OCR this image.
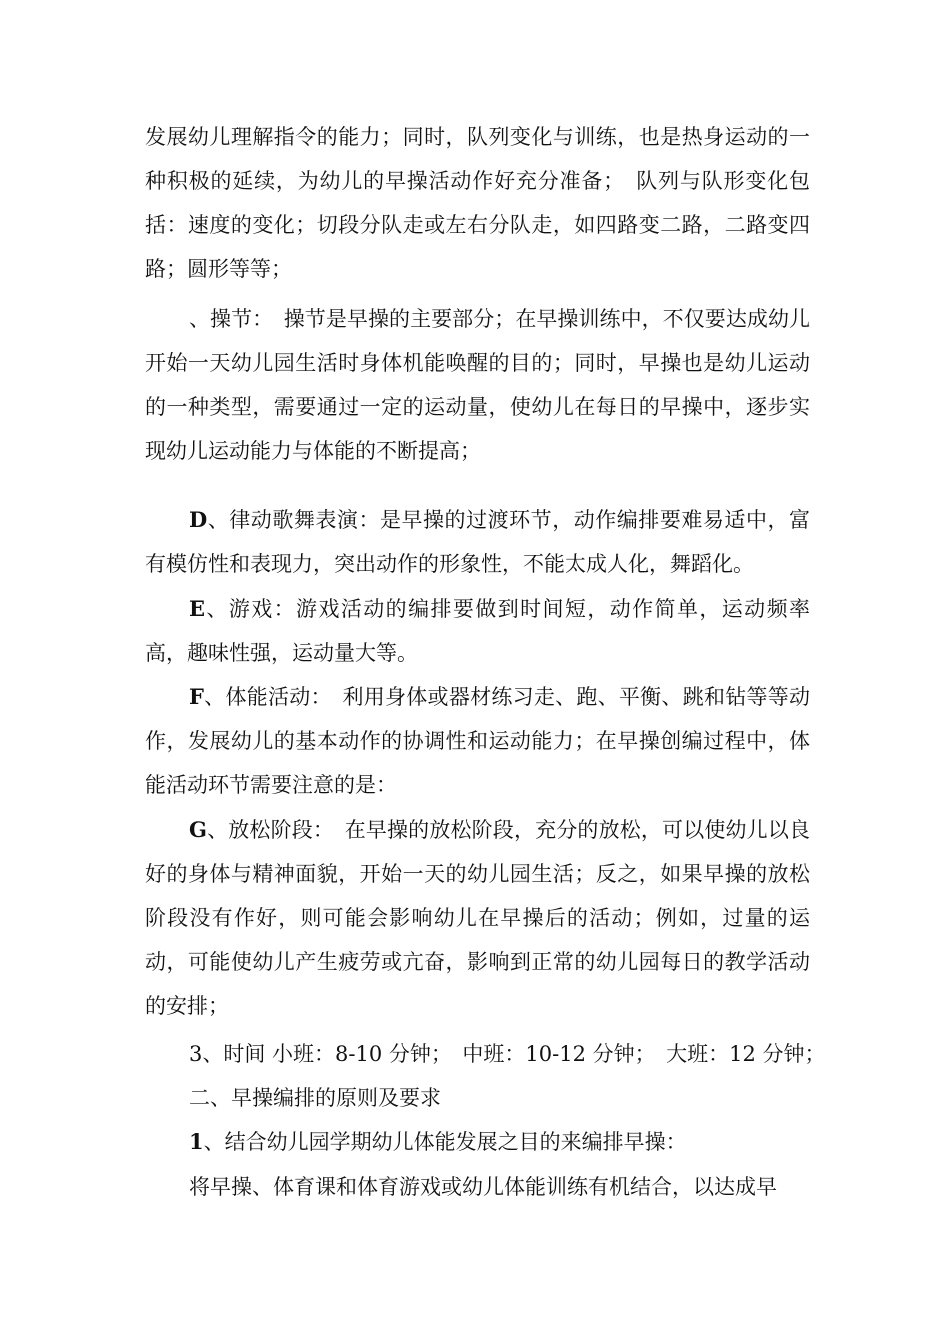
发展幼儿理解指令的能力；同时，队列变化与训练，也是热身运动的一种积极的延续，为幼儿的早操活动作好充分准备；　队列与队形变化包括：速度的变化；切段分队走或左右分队走，如四路变二路，二路变四路；圆形等等；

、操节：　操节是早操的主要部分；在早操训练中，不仅要达成幼儿开始一天幼儿园生活时身体机能唤醒的目的；同时，早操也是幼儿运动的一种类型，需要通过一定的运动量，使幼儿在每日的早操中，逐步实现幼儿运动能力与体能的不断提高；

D、律动歌舞表演：是早操的过渡环节，动作编排要难易适中，富有模仿性和表现力，突出动作的形象性，不能太成人化，舞蹈化。

E、游戏：游戏活动的编排要做到时间短，动作简单，运动频率高，趣味性强，运动量大等。

F、体能活动：　利用身体或器材练习走、跑、平衡、跳和钻等等动作，发展幼儿的基本动作的协调性和运动能力；在早操创编过程中，体能活动环节需要注意的是：

G、放松阶段：　在早操的放松阶段，充分的放松，可以使幼儿以良好的身体与精神面貌，开始一天的幼儿园生活；反之，如果早操的放松阶段没有作好，则可能会影响幼儿在早操后的活动；例如，过量的运动，可能使幼儿产生疲劳或亢奋，影响到正常的幼儿园每日的教学活动的安排；

3、时间 小班：8-10 分钟；　中班：10-12 分钟；　大班：12 分钟；

二、早操编排的原则及要求

1、结合幼儿园学期幼儿体能发展之目的来编排早操：

将早操、体育课和体育游戏或幼儿体能训练有机结合，以达成早
